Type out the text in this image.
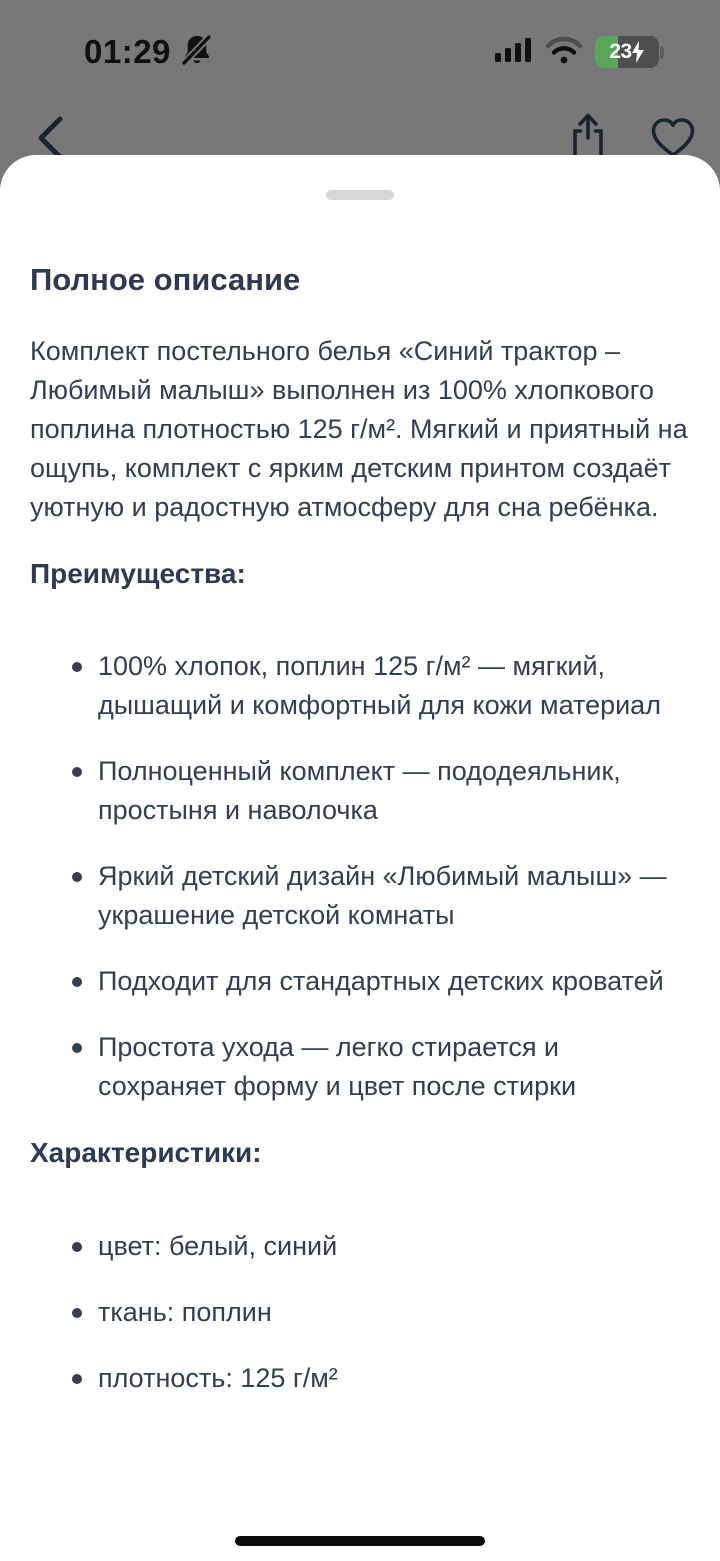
01:29	23
Полное описание

Комплект постельного белья «Синий трактор – Любимый малыш» выполнен из 100% хлопкового поплина плотностью 125 г/м². Мягкий и приятный на ощупь, комплект с ярким детским принтом создаёт уютную и радостную атмосферу для сна ребёнка.

Преимущества:
100% хлопок, поплин 125 г/м² — мягкий, дышащий и комфортный для кожи материал
Полноценный комплект — пододеяльник, простыня и наволочка
Яркий детский дизайн «Любимый малыш» — украшение детской комнаты
Подходит для стандартных детских кроватей
Простота ухода — легко стирается и сохраняет форму и цвет после стирки
Характеристики:
цвет: белый, синий
ткань: поплин
плотность: 125 г/м²
